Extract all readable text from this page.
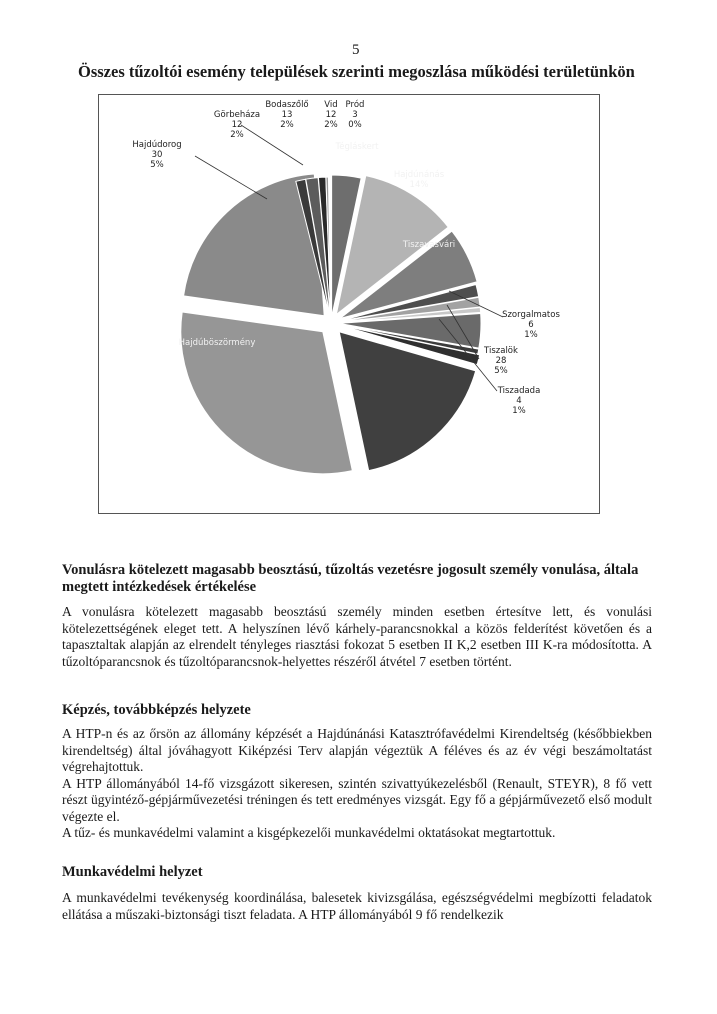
5
Összes tűzoltói esemény települések szerinti megoszlása működési területünkön
Hajdúdorog
30
5%
Görbeháza
12
2%
Bodaszőlő
13
2%
Vid
12
2%
Pród
3
0%
Szorgalmatos
6
1%
Tiszalök
28
5%
Tiszadada
4
1%
Tégláskert
Hajdúnánás
14%
Tiszavasvári
Hajdúböszörmény
Vonulásra kötelezett magasabb beosztású, tűzoltás vezetésre jogosult személy vonulása, általa megtett intézkedések értékelése

A vonulásra kötelezett magasabb beosztású személy minden esetben értesítve lett, és vonulási kötelezettségének eleget tett. A helyszínen lévő kárhely-parancsnokkal a közös felderítést követően és a tapasztaltak alapján az elrendelt tényleges riasztási fokozat 5 esetben II K,2 esetben III K-ra módosította. A tűzoltóparancsnok és tűzoltóparancsnok-helyettes részéről átvétel 7 esetben történt.

Képzés, továbbképzés helyzete

A HTP-n és az őrsön az állomány képzését a Hajdúnánási Katasztrófavédelmi Kirendeltség (későbbiekben kirendeltség) által jóváhagyott Kiképzési Terv alapján végeztük A féléves és az év végi beszámoltatást végrehajtottuk.

A HTP állományából 14-fő vizsgázott sikeresen, szintén szivattyúkezelésből (Renault, STEYR), 8 fő vett részt ügyintéző-gépjárművezetési tréningen és tett eredményes vizsgát. Egy fő a gépjárművezető első modult végezte el.

A tűz- és munkavédelmi valamint a kisgépkezelői munkavédelmi oktatásokat megtartottuk.

Munkavédelmi helyzet

A munkavédelmi tevékenység koordinálása, balesetek kivizsgálása, egészségvédelmi megbízotti feladatok ellátása a műszaki-biztonsági tiszt feladata. A HTP állományából 9 fő rendelkezik
